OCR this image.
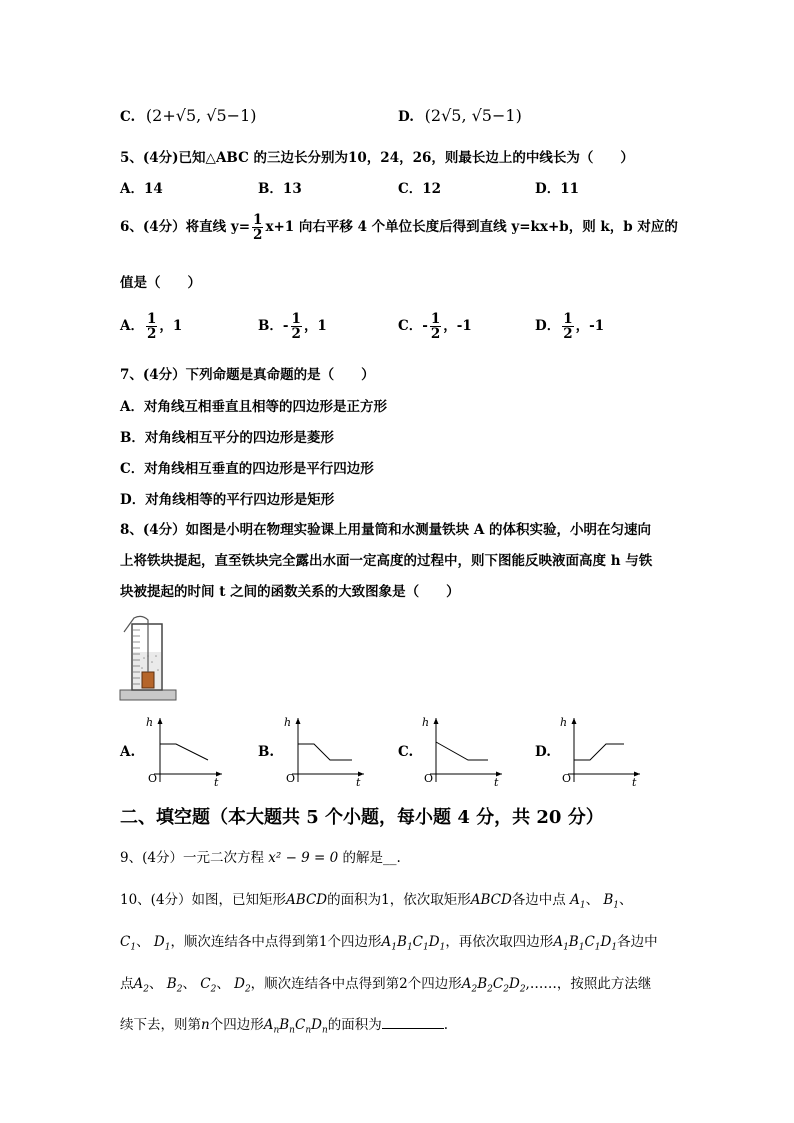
C. (2+√5, √5−1)	D. (2√5, √5−1)
5、(4分)已知△ABC 的三边长分别为10，24，26，则最长边上的中线长为（　　）
A．14	B．13	C．12	D．11
6、(4分）将直线 $y= \frac{1}{2} x+1$ 向右平移 4 个单位长度后得到直线 y=kx+b，则 k，b 对应的
值是（　　）
A． $\frac{1}{2}$ ，1	B．- $\frac{1}{2}$ ，1	C．- $\frac{1}{2}$ ，-1	D． $\frac{1}{2}$ ，-1
7、(4分）下列命题是真命题的是（　　）
A．对角线互相垂直且相等的四边形是正方形
B．对角线相互平分的四边形是菱形
C．对角线相互垂直的四边形是平行四边形
D．对角线相等的平行四边形是矩形
8、(4分）如图是小明在物理实验课上用量筒和水测量铁块 A 的体积实验，小明在匀速向
上将铁块提起，直至铁块完全露出水面一定高度的过程中，则下图能反映液面高度 h 与铁
块被提起的时间 t 之间的函数关系的大致图象是（　　）
A.
h
t
O
B.
h
t
O
C.
h
t
O
D.
h
t
O
二、填空题（本大题共 5 个小题，每小题 4 分，共 20 分）
9、(4分）一元二次方程 x² − 9 = 0 的解是__.
10、(4分）如图，已知矩形ABCD的面积为1，依次取矩形ABCD各边中点 $A_1$、 $B_1$、
$C_1$、 $D_1$，顺次连结各中点得到第1个四边形$A_1B_1C_1D_1$，再依次取四边形$A_1B_1C_1D_1$各边中
点$A_2$、 $B_2$、 $C_2$、 $D_2$，顺次连结各中点得到第2个四边形$A_2B_2C_2D_2,\dots\dots$，按照此方法继
续下去，则第n个四边形$A_nB_nC_nD_n$的面积为	.
